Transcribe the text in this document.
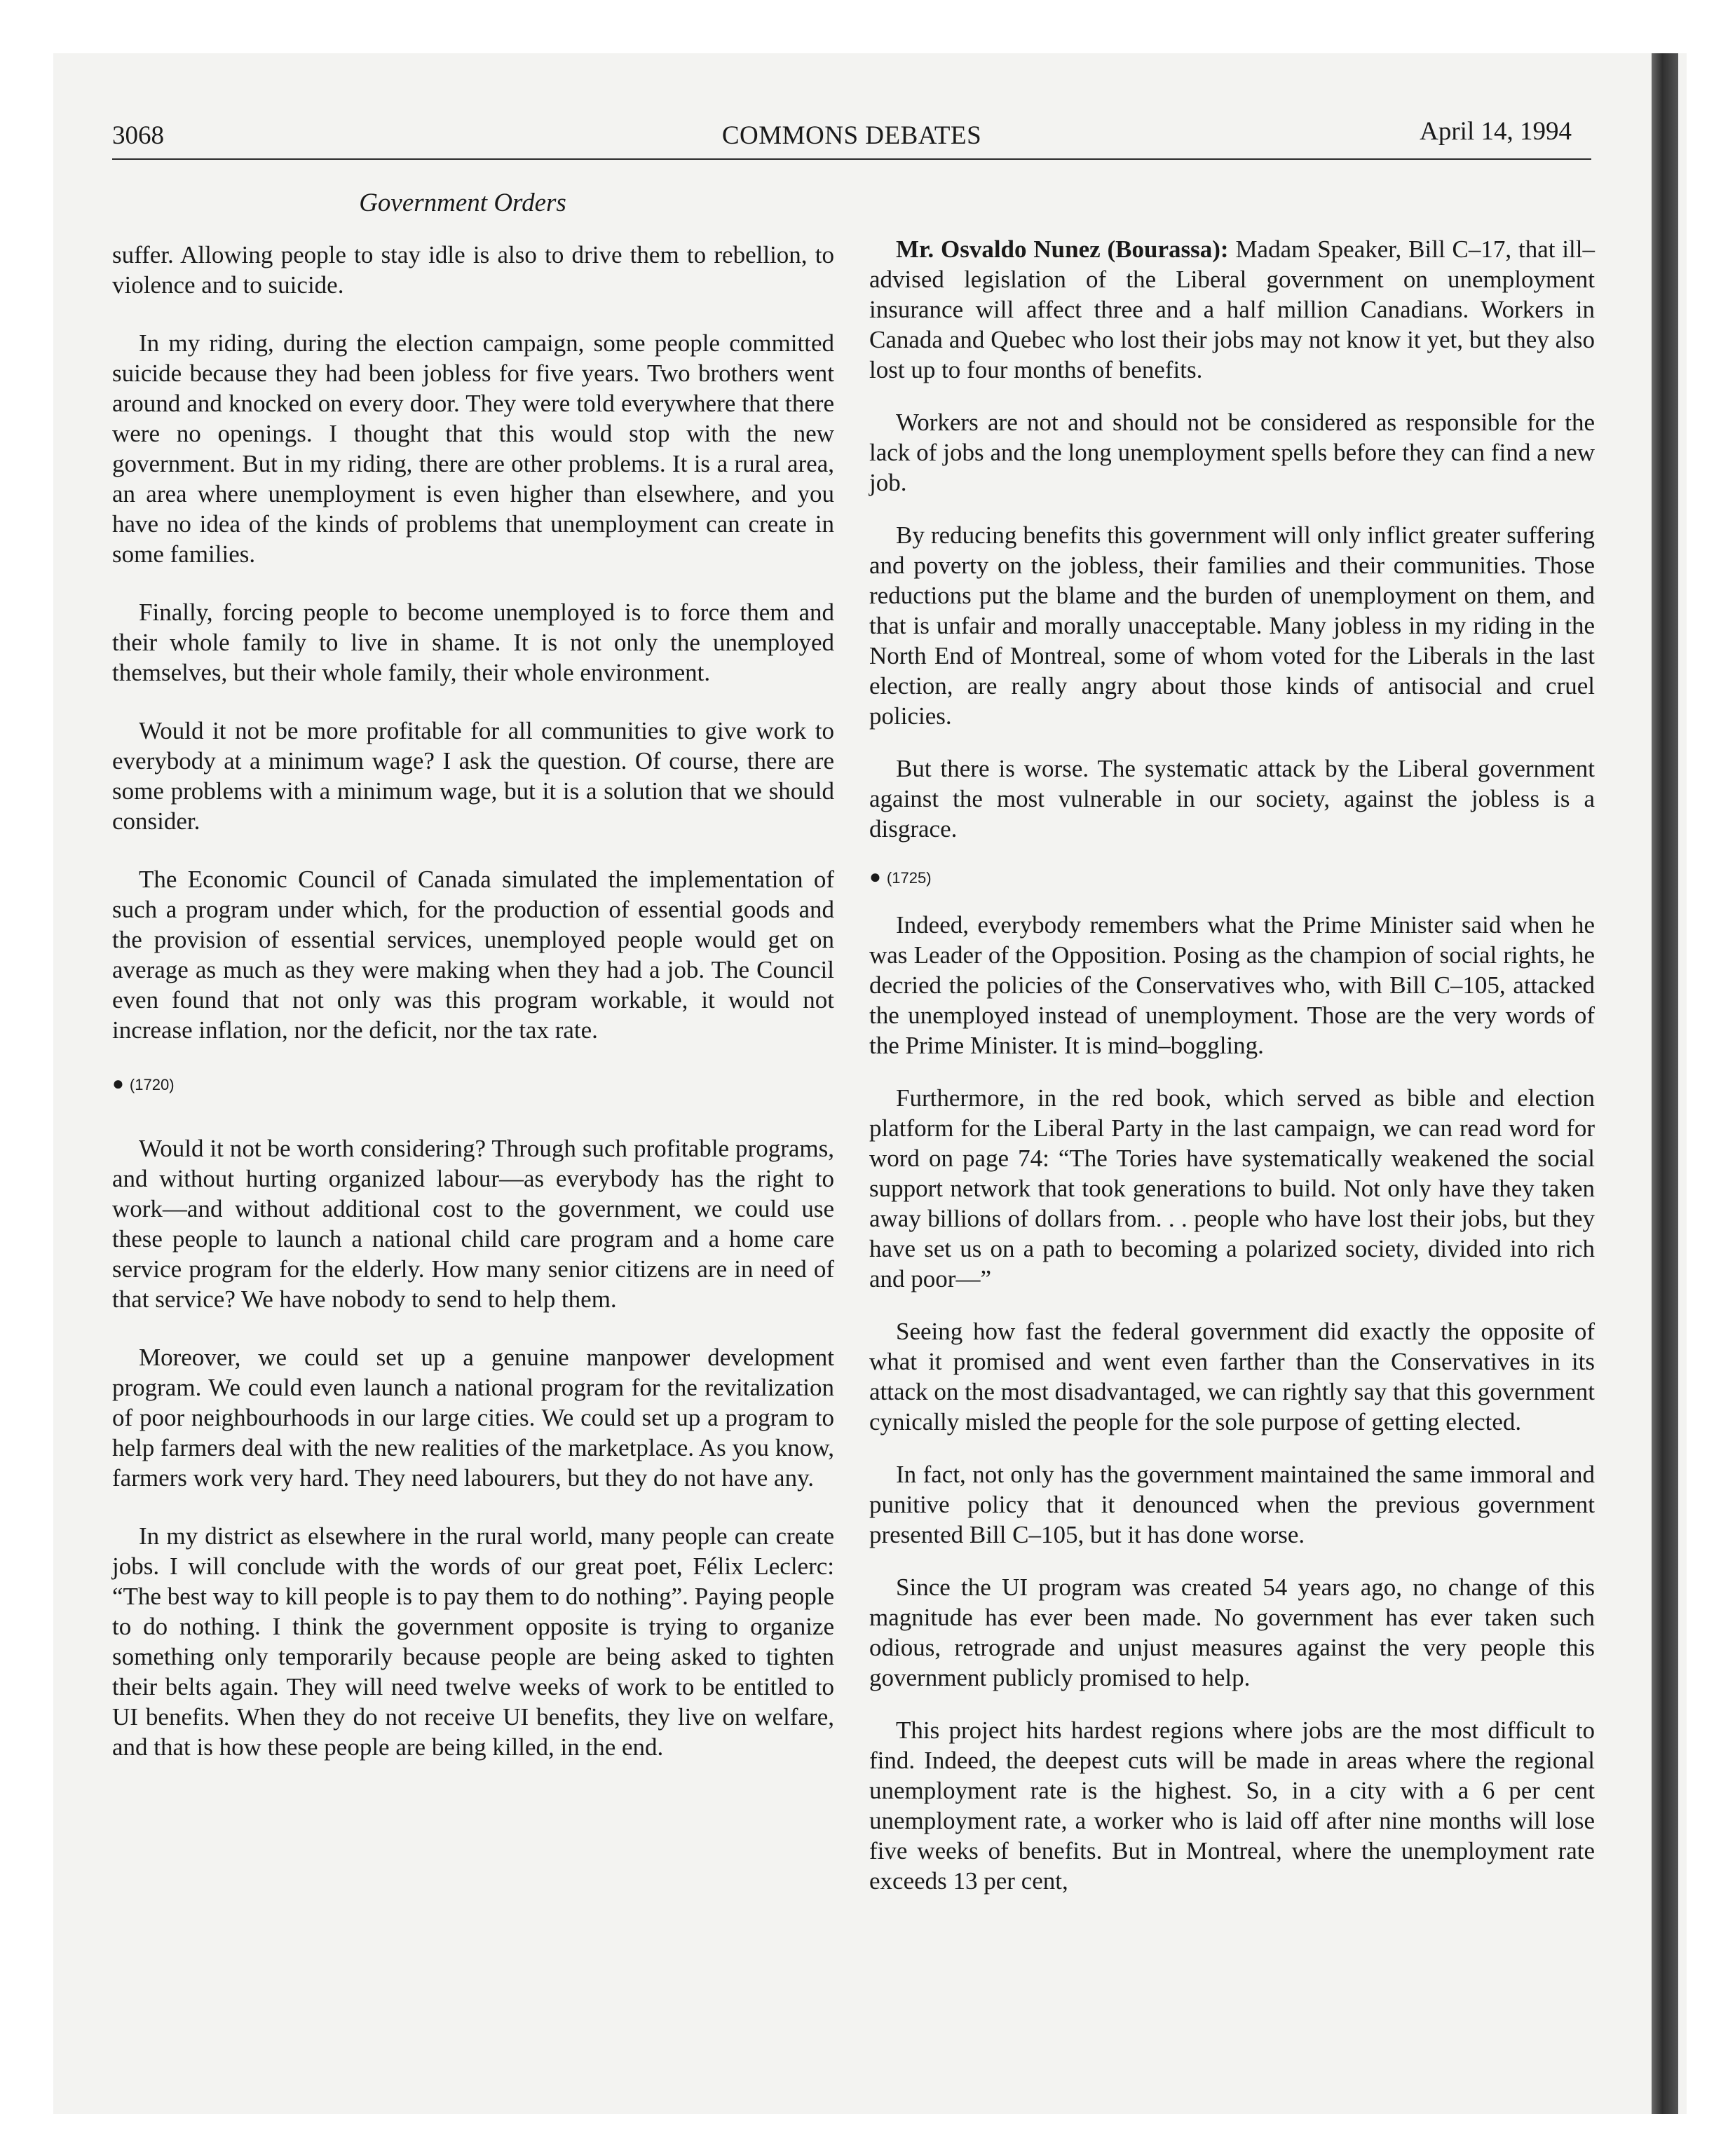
3068	COMMONS DEBATES	April 14, 1994
Government Orders

suffer. Allowing people to stay idle is also to drive them to rebellion, to violence and to suicide.

In my riding, during the election campaign, some people committed suicide because they had been jobless for five years. Two brothers went around and knocked on every door. They were told everywhere that there were no openings. I thought that this would stop with the new government. But in my riding, there are other problems. It is a rural area, an area where unemployment is even higher than elsewhere, and you have no idea of the kinds of problems that unemployment can create in some families.

Finally, forcing people to become unemployed is to force them and their whole family to live in shame. It is not only the unemployed themselves, but their whole family, their whole environment.

Would it not be more profitable for all communities to give work to everybody at a minimum wage? I ask the question. Of course, there are some problems with a minimum wage, but it is a solution that we should consider.

The Economic Council of Canada simulated the implementation of such a program under which, for the production of essential goods and the provision of essential services, unemployed people would get on average as much as they were making when they had a job. The Council even found that not only was this program workable, it would not increase inflation, nor the deficit, nor the tax rate.

● (1720)

Would it not be worth considering? Through such profitable programs, and without hurting organized labour—as everybody has the right to work—and without additional cost to the government, we could use these people to launch a national child care program and a home care service program for the elderly. How many senior citizens are in need of that service? We have nobody to send to help them.

Moreover, we could set up a genuine manpower development program. We could even launch a national program for the revitalization of poor neighbourhoods in our large cities. We could set up a program to help farmers deal with the new realities of the marketplace. As you know, farmers work very hard. They need labourers, but they do not have any.

In my district as elsewhere in the rural world, many people can create jobs. I will conclude with the words of our great poet, Félix Leclerc: “The best way to kill people is to pay them to do nothing”. Paying people to do nothing. I think the government opposite is trying to organize something only temporarily because people are being asked to tighten their belts again. They will need twelve weeks of work to be entitled to UI benefits. When they do not receive UI benefits, they live on welfare, and that is how these people are being killed, in the end.

Mr. Osvaldo Nunez (Bourassa): Madam Speaker, Bill C–17, that ill–advised legislation of the Liberal government on unemployment insurance will affect three and a half million Canadians. Workers in Canada and Quebec who lost their jobs may not know it yet, but they also lost up to four months of benefits.

Workers are not and should not be considered as responsible for the lack of jobs and the long unemployment spells before they can find a new job.

By reducing benefits this government will only inflict greater suffering and poverty on the jobless, their families and their communities. Those reductions put the blame and the burden of unemployment on them, and that is unfair and morally unacceptable. Many jobless in my riding in the North End of Montreal, some of whom voted for the Liberals in the last election, are really angry about those kinds of antisocial and cruel policies.

But there is worse. The systematic attack by the Liberal government against the most vulnerable in our society, against the jobless is a disgrace.

● (1725)

Indeed, everybody remembers what the Prime Minister said when he was Leader of the Opposition. Posing as the champion of social rights, he decried the policies of the Conservatives who, with Bill C–105, attacked the unemployed instead of unemployment. Those are the very words of the Prime Minister. It is mind–boggling.

Furthermore, in the red book, which served as bible and election platform for the Liberal Party in the last campaign, we can read word for word on page 74: “The Tories have systematically weakened the social support network that took generations to build. Not only have they taken away billions of dollars from. . . people who have lost their jobs, but they have set us on a path to becoming a polarized society, divided into rich and poor—”

Seeing how fast the federal government did exactly the opposite of what it promised and went even farther than the Conservatives in its attack on the most disadvantaged, we can rightly say that this government cynically misled the people for the sole purpose of getting elected.

In fact, not only has the government maintained the same immoral and punitive policy that it denounced when the previous government presented Bill C–105, but it has done worse.

Since the UI program was created 54 years ago, no change of this magnitude has ever been made. No government has ever taken such odious, retrograde and unjust measures against the very people this government publicly promised to help.

This project hits hardest regions where jobs are the most difficult to find. Indeed, the deepest cuts will be made in areas where the regional unemployment rate is the highest. So, in a city with a 6 per cent unemployment rate, a worker who is laid off after nine months will lose five weeks of benefits. But in Montreal, where the unemployment rate exceeds 13 per cent,
